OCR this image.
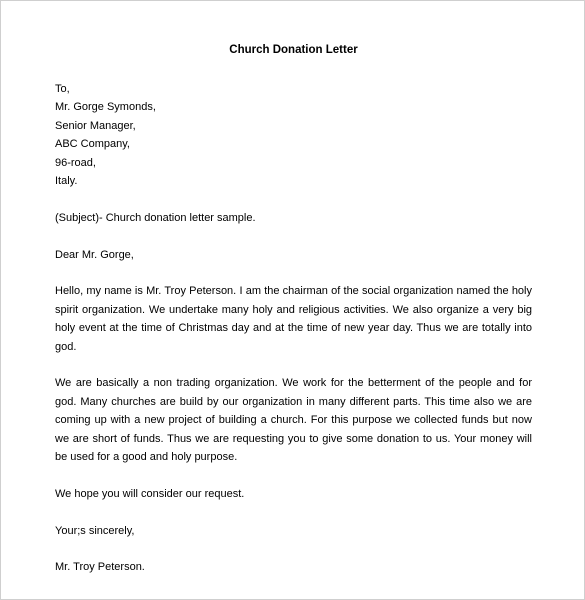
Church Donation Letter
To,
Mr. Gorge Symonds,
Senior Manager,
ABC Company,
96-road,
Italy.

(Subject)- Church donation letter sample.

Dear Mr. Gorge,

Hello, my name is Mr. Troy Peterson. I am the chairman of the social organization named the holy spirit organization. We undertake many holy and religious activities. We also organize a very big holy event at the time of Christmas day and at the time of new year day. Thus we are totally into god.

We are basically a non trading organization. We work for the betterment of the people and for god. Many churches are build by our organization in many different parts. This time also we are coming up with a new project of building a church. For this purpose we collected funds but now we are short of funds. Thus we are requesting you to give some donation to us. Your money will be used for a good and holy purpose.

We hope you will consider our request.

Your;s sincerely,

Mr. Troy Peterson.
